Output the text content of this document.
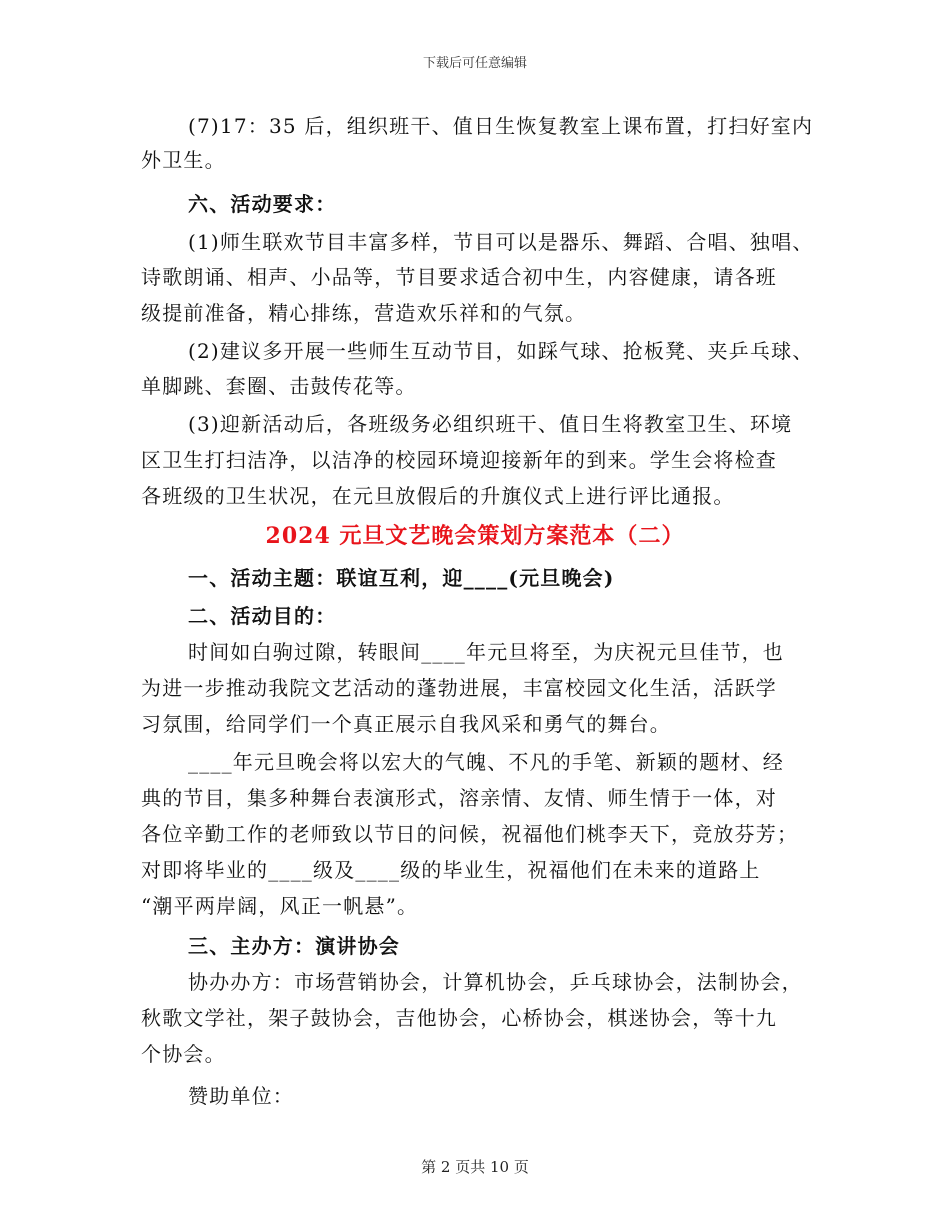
下载后可任意编辑
(7)17：35 后，组织班干、值日生恢复教室上课布置，打扫好室内
外卫生。
六、活动要求：
(1)师生联欢节目丰富多样，节目可以是器乐、舞蹈、合唱、独唱、
诗歌朗诵、相声、小品等，节目要求适合初中生，内容健康，请各班
级提前准备，精心排练，营造欢乐祥和的气氛。
(2)建议多开展一些师生互动节目，如踩气球、抢板凳、夹乒乓球、
单脚跳、套圈、击鼓传花等。
(3)迎新活动后，各班级务必组织班干、值日生将教室卫生、环境
区卫生打扫洁净，以洁净的校园环境迎接新年的到来。学生会将检查
各班级的卫生状况，在元旦放假后的升旗仪式上进行评比通报。
2024 元旦文艺晚会策划方案范本（二）
一、活动主题：联谊互利，迎____(元旦晚会)
二、活动目的：
时间如白驹过隙，转眼间____年元旦将至，为庆祝元旦佳节，也
为进一步推动我院文艺活动的蓬勃进展，丰富校园文化生活，活跃学
习氛围，给同学们一个真正展示自我风采和勇气的舞台。
____年元旦晚会将以宏大的气魄、不凡的手笔、新颖的题材、经
典的节目，集多种舞台表演形式，溶亲情、友情、师生情于一体，对
各位辛勤工作的老师致以节日的问候，祝福他们桃李天下，竞放芬芳；
对即将毕业的____级及____级的毕业生，祝福他们在未来的道路上
“潮平两岸阔，风正一帆悬”。
三、主办方：演讲协会
协办办方：市场营销协会，计算机协会，乒乓球协会，法制协会，
秋歌文学社，架子鼓协会，吉他协会，心桥协会，棋迷协会，等十九
个协会。
赞助单位：
第 2 页共 10 页
